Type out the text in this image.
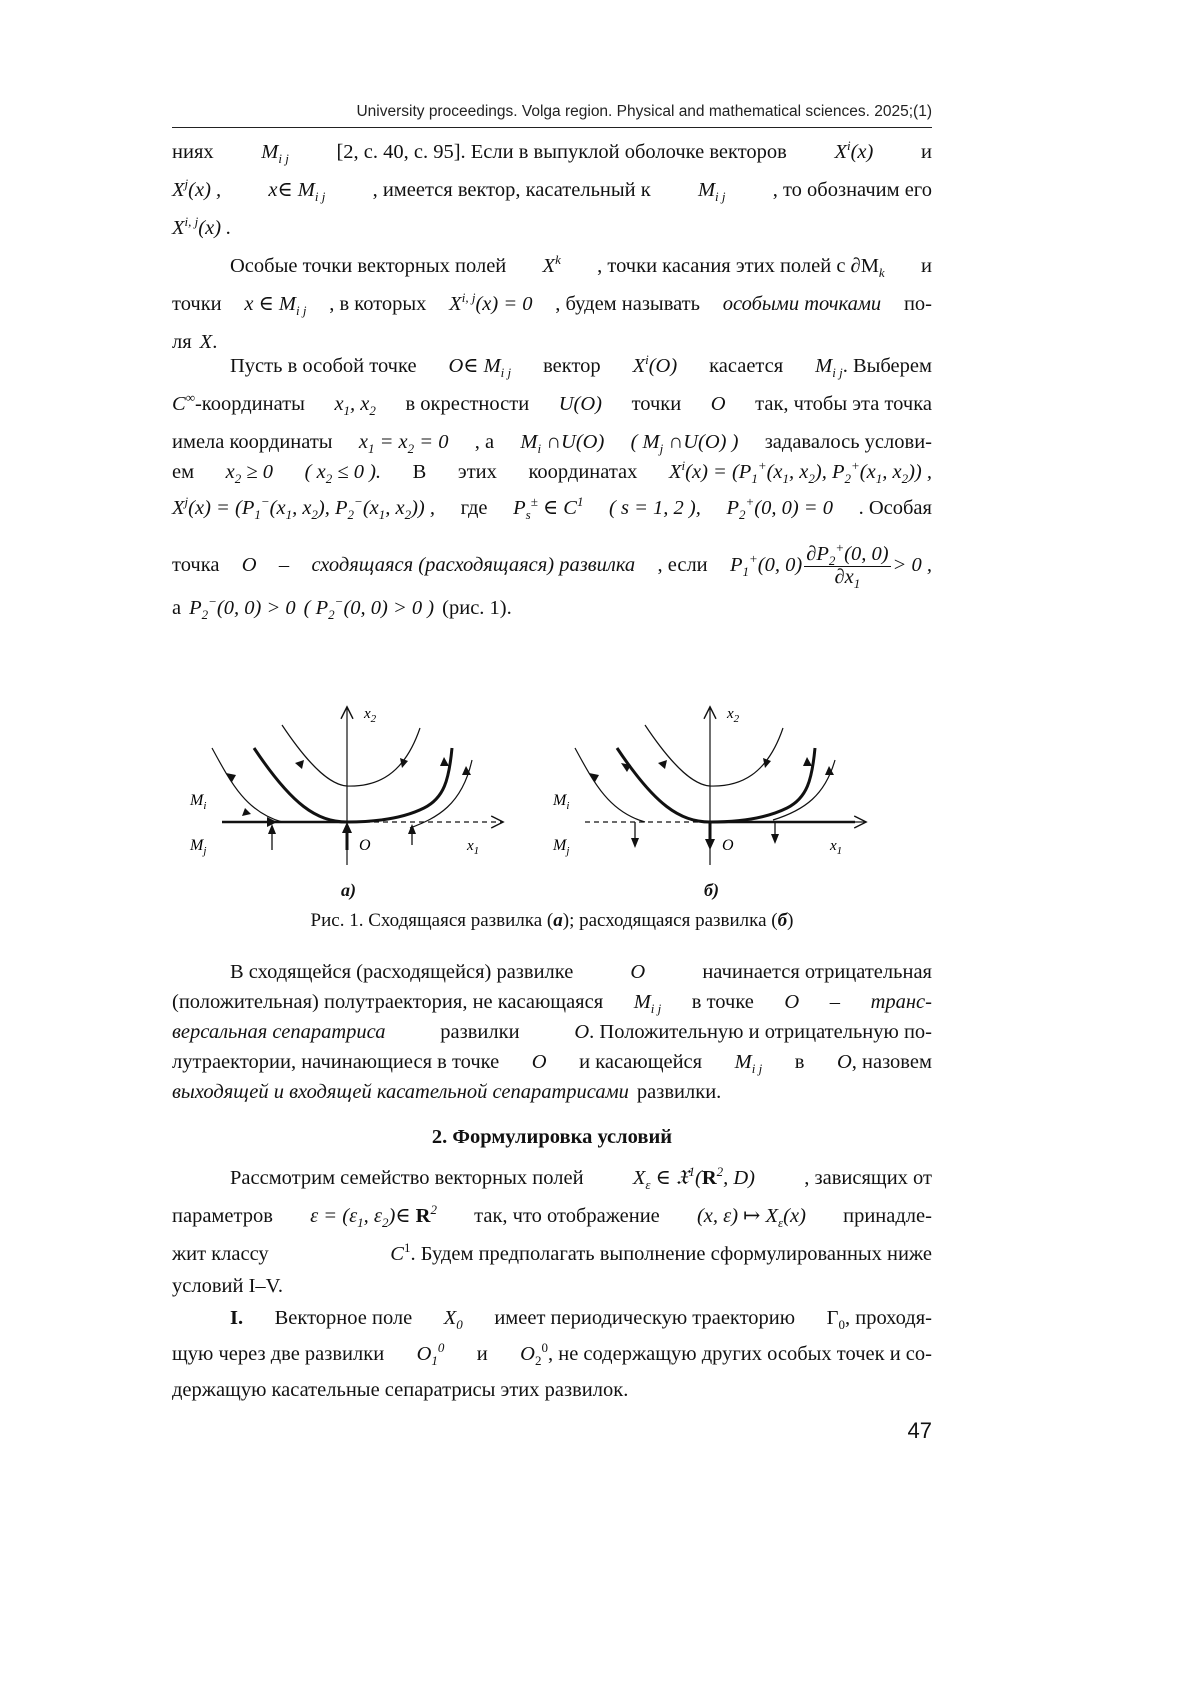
University proceedings. Volga region. Physical and mathematical sciences. 2025;(1)
ниях $M_{i j}$ [2, с. 40, с. 95]. Если в выпуклой оболочке векторов $X^i(x)$ и
$X^j(x)$ , x∈ $M_{i j}$ , имеется вектор, касательный к $M_{i j}$ , то обозначим его
X$^{i, j}$(x) .
Особые точки векторных полей $X^k$ , точки касания этих полей с $\partial M_k$ и
точки x ∈ $M_{i j}$ , в которых X$^{i, j}$(x) = 0 , будем называть особыми точками по-
ля X.
Пусть в особой точке O∈ $M_{i j}$ вектор $X^i(O)$ касается $M_{i j}$. Выберем
C∞-координаты $x_1$, $x_2$ в окрестности U(O) точки O так, чтобы эта точка
имела координаты $x_1 = x_2 = 0$ , а $M_i$ ∩U(O) ( $M_j$ ∩U(O) ) задавалось услови-
ем $x_2 \ge 0$ ( $x_2 \le 0$ ). В этих координатах $X^i(x) = (P_1^+(x_1$, $x_2$), $P_2^+(x_1$, $x_2$)) ,
$X^j(x) = (P_1^-(x_1$, $x_2$), $P_2^-(x_1$, $x_2$)) , где $P_s^\pm$ ∈ $C^1$ ( s = 1, 2 ), $P_2^+(0$, 0) = 0 . Особая
точка O – сходящаяся (расходящаяся) развилка , если $P_1^+(0$, $0) \frac{\partial P_2^+(0, 0)}{\partial x_1} > 0$ ,
а $P_2^-(0$, 0) > 0 ( $P_2^-(0$, 0) > 0 ) (рис. 1).
$x_2$
$x_1$
O
$M_i$
$M_j$
$x_2$
$x_1$
O
$M_i$
$M_j$
а)	б)
Рис. 1. Сходящаяся развилка (а); расходящаяся развилка (б)
В сходящейся (расходящейся) развилке	O	начинается отрицательная
(положительная) полутраектория, не касающаяся $M_{i j}$ в точке O – транс-
версальная сепаратриса	развилки	O. Положительную и отрицательную по-
лутраектории, начинающиеся в точке O и касающейся $M_{i j}$ в O, назовем
выходящей и входящей касательной сепаратрисами развилки.
2. Формулировка условий
Рассмотрим семейство векторных полей $X_\varepsilon$ ∈ $𝔛^1(R^2$, D) , зависящих от
параметров $\varepsilon = (\varepsilon_1$, $\varepsilon_2)\in$ $R^2$ так, что отображение (x, ε) ↦ $X_\varepsilon(x)$ принадле-
жит классу	$C^1$. Будем предполагать выполнение сформулированных ниже
условий I–V.
I. Векторное поле $X_0$ имеет периодическую траекторию $\Gamma_0$, проходя-
щую через две развилки $O_1^0$ и $O_2^0$, не содержащую других особых точек и со-
держащую касательные сепаратрисы этих развилок.
47
